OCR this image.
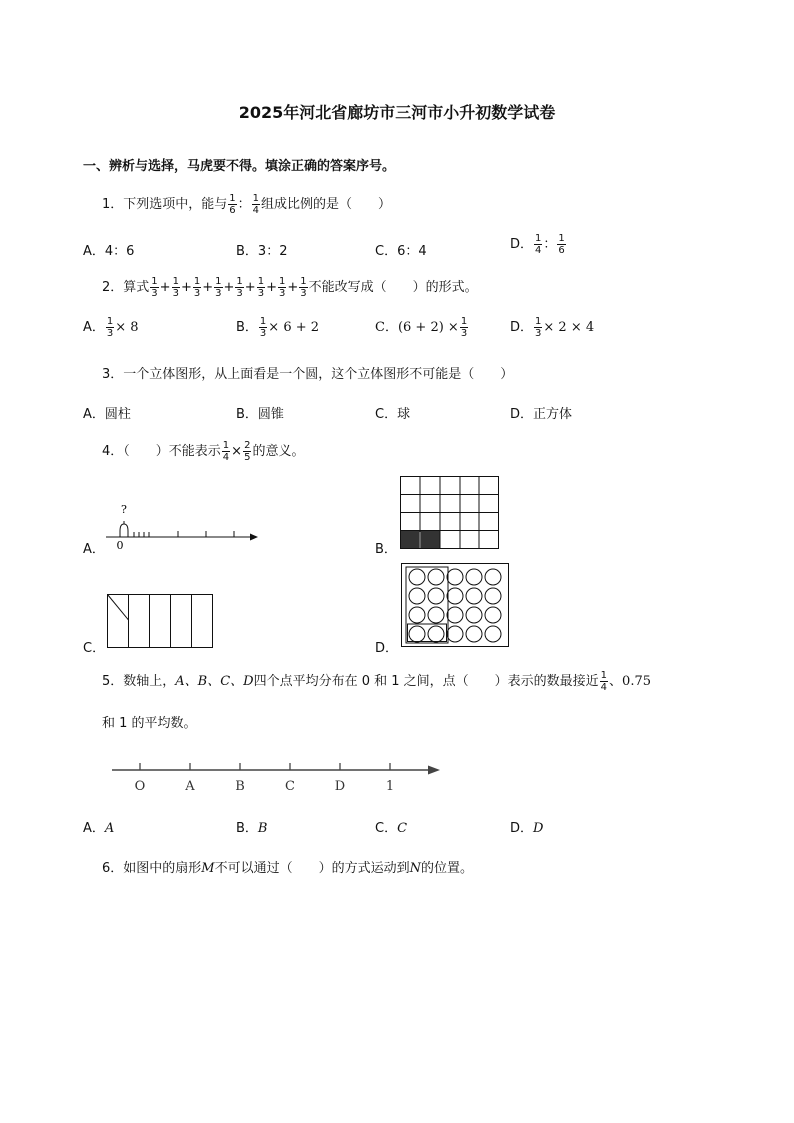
2025年河北省廊坊市三河市小升初数学试卷
一、辨析与选择，马虎要不得。填涂正确的答案序号。
1．下列选项中，能与 $\frac{1}{6}$ ： $\frac{1}{4}$ 组成比例的是（　　）
A．4：6	B．3：2	C．6：4	D． $\frac{1}{4}$ ： $\frac{1}{6}$
2．算式 $\frac{1}{3} + \frac{1}{3} + \frac{1}{3} + \frac{1}{3} + \frac{1}{3} + \frac{1}{3} + \frac{1}{3} + \frac{1}{3}$ 不能改写成（　　）的形式。
A． $\frac{1}{3} \times 8$	B． $\frac{1}{3} \times 6 + 2$	C．$(6 + 2) \times \frac{1}{3}$	D． $\frac{1}{3} \times 2 \times 4$
3．一个立体图形，从上面看是一个圆，这个立体图形不可能是（　　）
A．圆柱	B．圆锥	C．球	D．正方体
4．（　　）不能表示 $\frac{1}{4} \times \frac{2}{5}$ 的意义。
A．
?
0	B．
C．	D．
5．数轴上，A、B、C、D四个点平均分布在 0 和 1 之间，点（　　）表示的数最接近 $\frac{1}{4}$ 、0.75
和 1 的平均数。
O	A	B	C	D	1
A．A	B．B	C．C	D．D
6．如图中的扇形M不可以通过（　　）的方式运动到N的位置。
